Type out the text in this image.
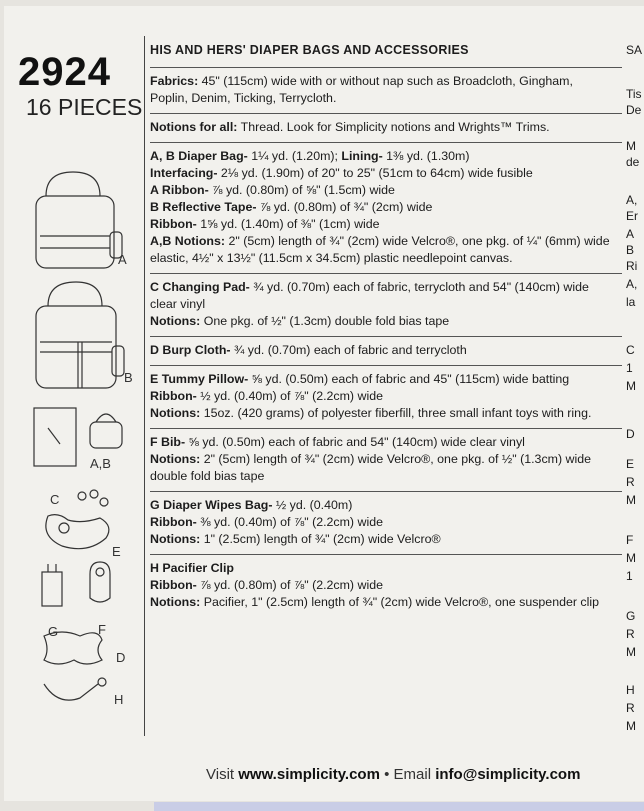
2924
16 PIECES
A
B
A,B
C
E
G	F
D
H
HIS AND HERS' DIAPER BAGS AND ACCESSORIES
Fabrics: 45" (115cm) wide with or without nap such as Broadcloth, Gingham,
Poplin, Denim, Ticking, Terrycloth.
Notions for all: Thread. Look for Simplicity notions and Wrights™ Trims.
A, B Diaper Bag- 1¼ yd. (1.20m); Lining- 1⅜ yd. (1.30m)
Interfacing- 2⅛ yd. (1.90m) of 20" to 25" (51cm to 64cm) wide fusible
A Ribbon- ⅞ yd. (0.80m) of ⅝" (1.5cm) wide
B Reflective Tape- ⅞ yd. (0.80m) of ¾" (2cm) wide
Ribbon- 1⅝ yd. (1.40m) of ⅜" (1cm) wide
A,B Notions: 2" (5cm) length of ¾" (2cm) wide Velcro®, one pkg. of ¼" (6mm) wide
elastic, 4½" x 13½" (11.5cm x 34.5cm) plastic needlepoint canvas.
C Changing Pad- ¾ yd. (0.70m) each of fabric, terrycloth and 54" (140cm) wide
clear vinyl
Notions: One pkg. of ½" (1.3cm) double fold bias tape
D Burp Cloth- ¾ yd. (0.70m) each of fabric and terrycloth
E Tummy Pillow- ⅝ yd. (0.50m) each of fabric and 45" (115cm) wide batting
Ribbon- ½ yd. (0.40m) of ⅞" (2.2cm) wide
Notions: 15oz. (420 grams) of polyester fiberfill, three small infant toys with ring.
F Bib- ⅝ yd. (0.50m) each of fabric and 54" (140cm) wide clear vinyl
Notions: 2" (5cm) length of ¾" (2cm) wide Velcro®, one pkg. of ½" (1.3cm) wide
double fold bias tape
G Diaper Wipes Bag- ½ yd. (0.40m)
Ribbon- ⅜ yd. (0.40m) of ⅞" (2.2cm) wide
Notions: 1" (2.5cm) length of ¾" (2cm) wide Velcro®
H Pacifier Clip
Ribbon- ⅞ yd. (0.80m) of ⅞" (2.2cm) wide
Notions: Pacifier, 1" (2.5cm) length of ¾" (2cm) wide Velcro®, one suspender clip
SA
Tis
De
M
de
A,
Er
A
B
Ri
A,
la
C
1
M
D
E
R
M
F
M
1
G
R
M
H
R
M
Visit www.simplicity.com • Email info@simplicity.com
